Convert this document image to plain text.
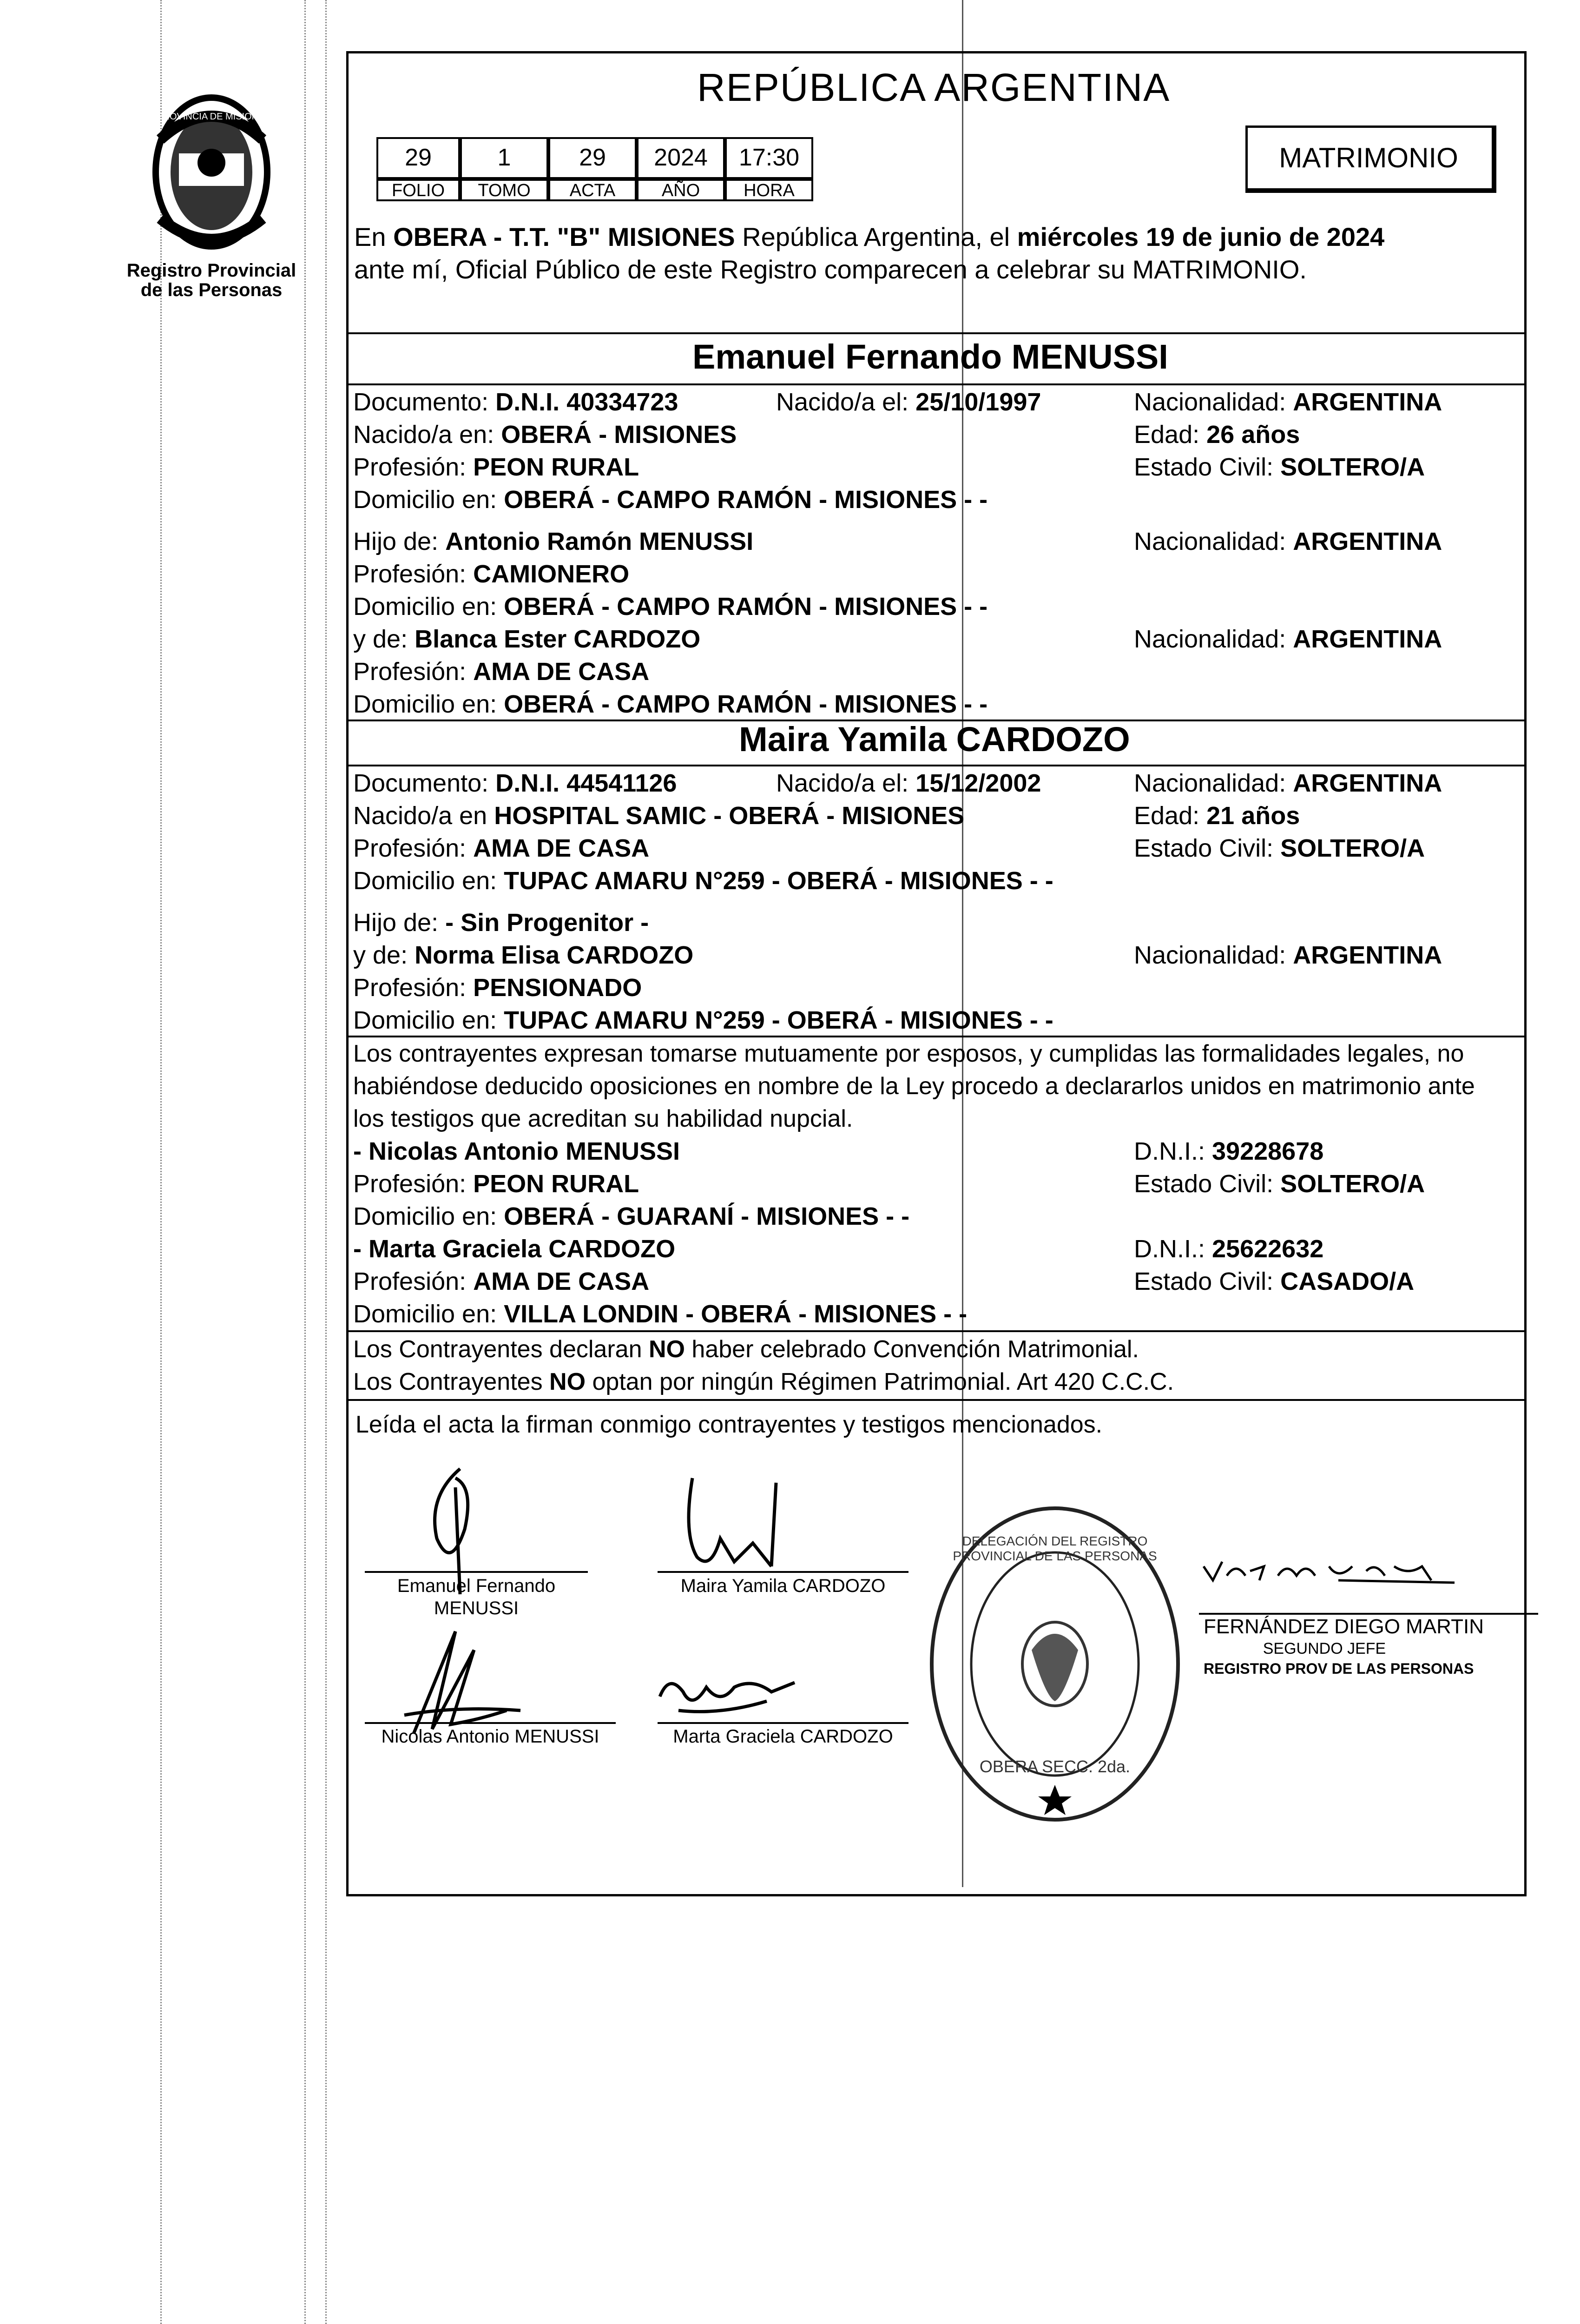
PROVINCIA DE MISIONES
Registro Provincial
de las Personas
REPÚBLICA ARGENTINA
29	1	29	2024	17:30
FOLIO	TOMO	ACTA	AÑO	HORA
MATRIMONIO
En OBERA - T.T. "B" MISIONES República Argentina, el miércoles 19 de junio de 2024
ante mí, Oficial Público de este Registro comparecen a celebrar su MATRIMONIO.
Emanuel Fernando MENUSSI
Documento: D.N.I. 40334723	Nacido/a el: 25/10/1997	Nacionalidad: ARGENTINA
Nacido/a en: OBERÁ - MISIONES	Edad: 26 años
Profesión: PEON RURAL	Estado Civil: SOLTERO/A
Domicilio en: OBERÁ - CAMPO RAMÓN - MISIONES - -
Hijo de: Antonio Ramón MENUSSI	Nacionalidad: ARGENTINA
Profesión: CAMIONERO
Domicilio en: OBERÁ - CAMPO RAMÓN - MISIONES - -
y de: Blanca Ester CARDOZO	Nacionalidad: ARGENTINA
Profesión: AMA DE CASA
Domicilio en: OBERÁ - CAMPO RAMÓN - MISIONES - -
Maira Yamila CARDOZO
Documento: D.N.I. 44541126	Nacido/a el: 15/12/2002	Nacionalidad: ARGENTINA
Nacido/a en HOSPITAL SAMIC - OBERÁ - MISIONES	Edad: 21 años
Profesión: AMA DE CASA	Estado Civil: SOLTERO/A
Domicilio en: TUPAC AMARU N°259 - OBERÁ - MISIONES - -
Hijo de: - Sin Progenitor -
y de: Norma Elisa CARDOZO	Nacionalidad: ARGENTINA
Profesión: PENSIONADO
Domicilio en: TUPAC AMARU N°259 - OBERÁ - MISIONES - -
Los contrayentes expresan tomarse mutuamente por esposos, y cumplidas las formalidades legales, no
habiéndose deducido oposiciones en nombre de la Ley procedo a declararlos unidos en matrimonio ante
los testigos que acreditan su habilidad nupcial.
- Nicolas Antonio MENUSSI	D.N.I.: 39228678
Profesión: PEON RURAL	Estado Civil: SOLTERO/A
Domicilio en: OBERÁ - GUARANÍ - MISIONES - -
- Marta Graciela CARDOZO	D.N.I.: 25622632
Profesión: AMA DE CASA	Estado Civil: CASADO/A
Domicilio en: VILLA LONDIN - OBERÁ - MISIONES - -
Los Contrayentes declaran NO haber celebrado Convención Matrimonial.
Los Contrayentes NO optan por ningún Régimen Patrimonial. Art 420 C.C.C.
Leída el acta la firman conmigo contrayentes y testigos mencionados.
Emanuel Fernando
MENUSSI
Maira Yamila CARDOZO
Nicolas Antonio MENUSSI	Marta Graciela CARDOZO
DELEGACIÓN DEL REGISTRO PROVINCIAL DE LAS PERSONAS
OBERA SECC. 2da.
FERNÁNDEZ DIEGO MARTIN
SEGUNDO JEFE
REGISTRO PROV DE LAS PERSONAS
